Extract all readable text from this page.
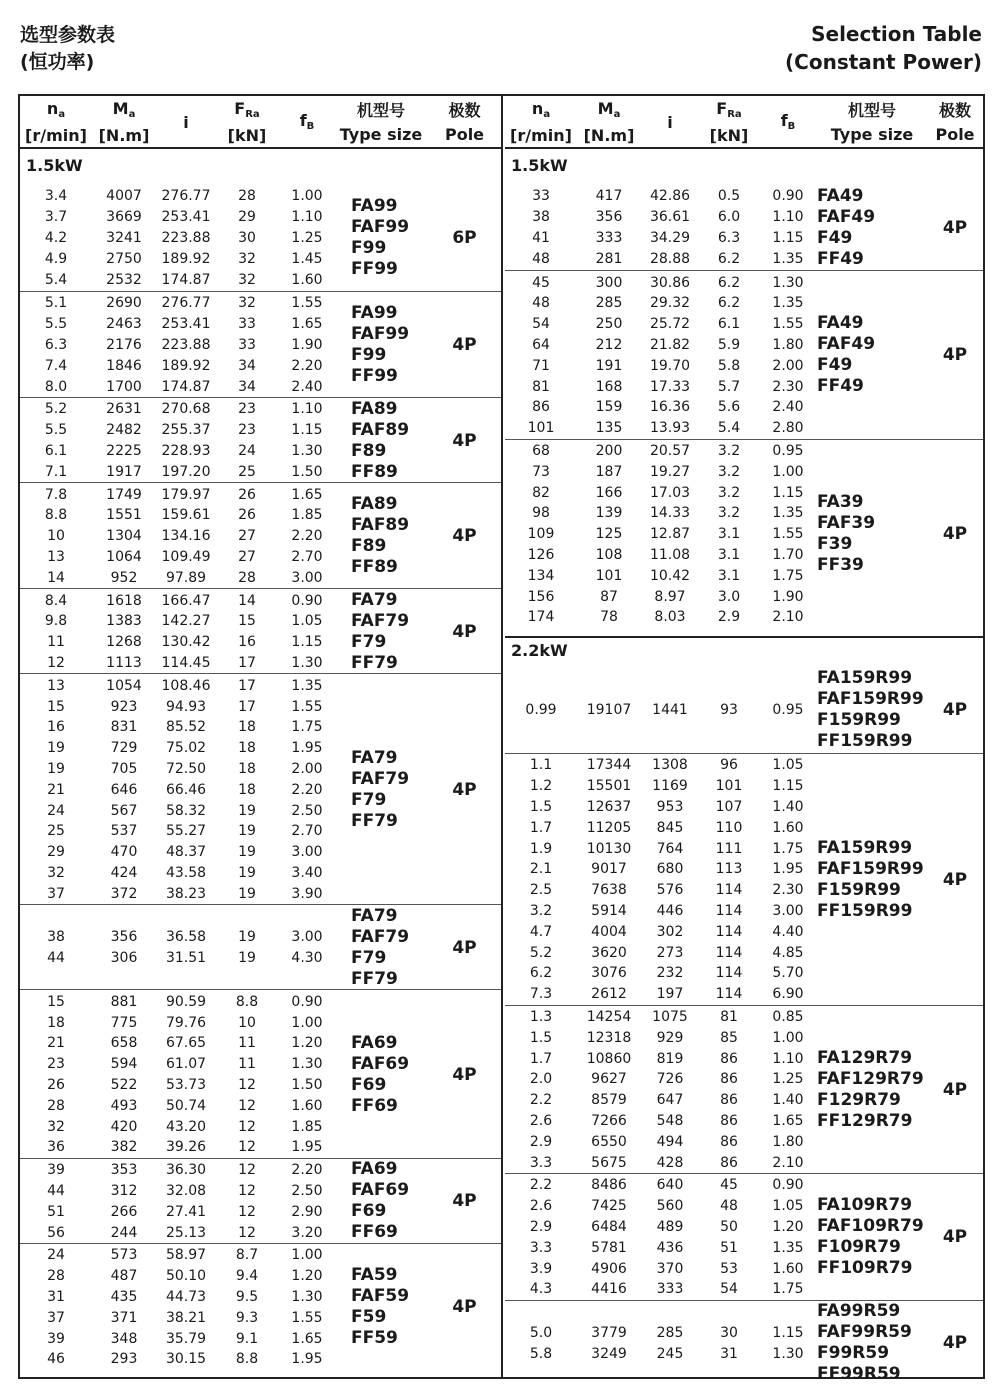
选型参数表
(恒功率)
Selection Table
(Constant Power)
na
[r/min]
Ma
[N.m]
i
FRa
[kN]
fB
机型号
Type size
极数
Pole
1.5kW
3.4	4007	276.77	28	1.00
3.7	3669	253.41	29	1.10
4.2	3241	223.88	30	1.25
4.9	2750	189.92	32	1.45
5.4	2532	174.87	32	1.60
FA99
FAF99
F99
FF99
6P
5.1	2690	276.77	32	1.55
5.5	2463	253.41	33	1.65
6.3	2176	223.88	33	1.90
7.4	1846	189.92	34	2.20
8.0	1700	174.87	34	2.40
FA99
FAF99
F99
FF99
4P
5.2	2631	270.68	23	1.10
5.5	2482	255.37	23	1.15
6.1	2225	228.93	24	1.30
7.1	1917	197.20	25	1.50
FA89
FAF89
F89
FF89
4P
7.8	1749	179.97	26	1.65
8.8	1551	159.61	26	1.85
10	1304	134.16	27	2.20
13	1064	109.49	27	2.70
14	952	97.89	28	3.00
FA89
FAF89
F89
FF89
4P
8.4	1618	166.47	14	0.90
9.8	1383	142.27	15	1.05
11	1268	130.42	16	1.15
12	1113	114.45	17	1.30
FA79
FAF79
F79
FF79
4P
13	1054	108.46	17	1.35
15	923	94.93	17	1.55
16	831	85.52	18	1.75
19	729	75.02	18	1.95
19	705	72.50	18	2.00
21	646	66.46	18	2.20
24	567	58.32	19	2.50
25	537	55.27	19	2.70
29	470	48.37	19	3.00
32	424	43.58	19	3.40
37	372	38.23	19	3.90
FA79
FAF79
F79
FF79
4P
38	356	36.58	19	3.00
44	306	31.51	19	4.30
FA79
FAF79
F79
FF79
4P
15	881	90.59	8.8	0.90
18	775	79.76	10	1.00
21	658	67.65	11	1.20
23	594	61.07	11	1.30
26	522	53.73	12	1.50
28	493	50.74	12	1.60
32	420	43.20	12	1.85
36	382	39.26	12	1.95
FA69
FAF69
F69
FF69
4P
39	353	36.30	12	2.20
44	312	32.08	12	2.50
51	266	27.41	12	2.90
56	244	25.13	12	3.20
FA69
FAF69
F69
FF69
4P
24	573	58.97	8.7	1.00
28	487	50.10	9.4	1.20
31	435	44.73	9.5	1.30
37	371	38.21	9.3	1.55
39	348	35.79	9.1	1.65
46	293	30.15	8.8	1.95
FA59
FAF59
F59
FF59
4P
na
[r/min]
Ma
[N.m]
i
FRa
[kN]
fB
机型号
Type size
极数
Pole
1.5kW
33	417	42.86	0.5	0.90
38	356	36.61	6.0	1.10
41	333	34.29	6.3	1.15
48	281	28.88	6.2	1.35
FA49
FAF49
F49
FF49
4P
45	300	30.86	6.2	1.30
48	285	29.32	6.2	1.35
54	250	25.72	6.1	1.55
64	212	21.82	5.9	1.80
71	191	19.70	5.8	2.00
81	168	17.33	5.7	2.30
86	159	16.36	5.6	2.40
101	135	13.93	5.4	2.80
FA49
FAF49
F49
FF49
4P
68	200	20.57	3.2	0.95
73	187	19.27	3.2	1.00
82	166	17.03	3.2	1.15
98	139	14.33	3.2	1.35
109	125	12.87	3.1	1.55
126	108	11.08	3.1	1.70
134	101	10.42	3.1	1.75
156	87	8.97	3.0	1.90
174	78	8.03	2.9	2.10
FA39
FAF39
F39
FF39
4P
2.2kW
0.99	19107	1441	93	0.95
FA159R99
FAF159R99
F159R99
FF159R99
4P
1.1	17344	1308	96	1.05
1.2	15501	1169	101	1.15
1.5	12637	953	107	1.40
1.7	11205	845	110	1.60
1.9	10130	764	111	1.75
2.1	9017	680	113	1.95
2.5	7638	576	114	2.30
3.2	5914	446	114	3.00
4.7	4004	302	114	4.40
5.2	3620	273	114	4.85
6.2	3076	232	114	5.70
7.3	2612	197	114	6.90
FA159R99
FAF159R99
F159R99
FF159R99
4P
1.3	14254	1075	81	0.85
1.5	12318	929	85	1.00
1.7	10860	819	86	1.10
2.0	9627	726	86	1.25
2.2	8579	647	86	1.40
2.6	7266	548	86	1.65
2.9	6550	494	86	1.80
3.3	5675	428	86	2.10
FA129R79
FAF129R79
F129R79
FF129R79
4P
2.2	8486	640	45	0.90
2.6	7425	560	48	1.05
2.9	6484	489	50	1.20
3.3	5781	436	51	1.35
3.9	4906	370	53	1.60
4.3	4416	333	54	1.75
FA109R79
FAF109R79
F109R79
FF109R79
4P
5.0	3779	285	30	1.15
5.8	3249	245	31	1.30
FA99R59
FAF99R59
F99R59
FF99R59
4P
